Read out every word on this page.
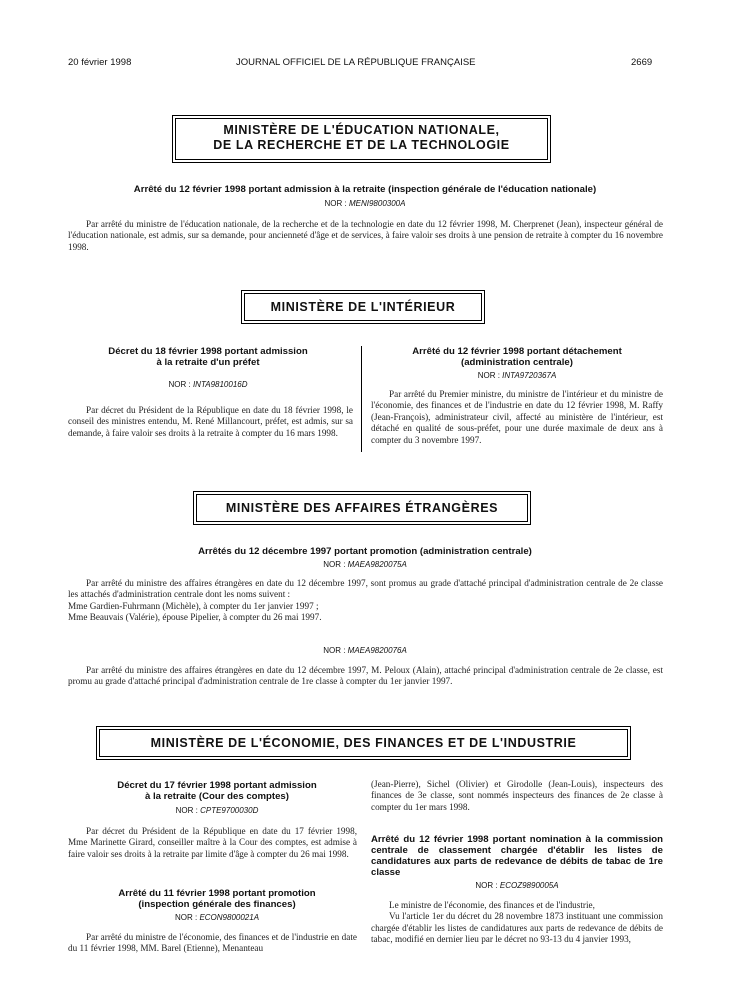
20 février 1998	JOURNAL OFFICIEL DE LA RÉPUBLIQUE FRANÇAISE	2669
MINISTÈRE DE L'ÉDUCATION NATIONALE,
DE LA RECHERCHE ET DE LA TECHNOLOGIE
Arrêté du 12 février 1998 portant admission à la retraite (inspection générale de l'éducation nationale)
NOR : MENI9800300A

Par arrêté du ministre de l'éducation nationale, de la recherche et de la technologie en date du 12 février 1998, M. Cherprenet (Jean), inspecteur général de l'éducation nationale, est admis, sur sa demande, pour ancienneté d'âge et de services, à faire valoir ses droits à une pension de retraite à compter du 16 novembre 1998.

MINISTÈRE DE L'INTÉRIEUR
Décret du 18 février 1998 portant admission
à la retraite d'un préfet
NOR : INTA9810016D

Par décret du Président de la République en date du 18 février 1998, le conseil des ministres entendu, M. René Millancourt, préfet, est admis, sur sa demande, à faire valoir ses droits à la retraite à compter du 16 mars 1998.

Arrêté du 12 février 1998 portant détachement
(administration centrale)
NOR : INTA9720367A

Par arrêté du Premier ministre, du ministre de l'intérieur et du ministre de l'économie, des finances et de l'industrie en date du 12 février 1998, M. Raffy (Jean-François), administrateur civil, affecté au ministère de l'intérieur, est détaché en qualité de sous-préfet, pour une durée maximale de deux ans à compter du 3 novembre 1997.

MINISTÈRE DES AFFAIRES ÉTRANGÈRES
Arrêtés du 12 décembre 1997 portant promotion (administration centrale)
NOR : MAEA9820075A

Par arrêté du ministre des affaires étrangères en date du 12 décembre 1997, sont promus au grade d'attaché principal d'administration centrale de 2e classe les attachés d'administration centrale dont les noms suivent :

Mme Gardien-Fuhrmann (Michèle), à compter du 1er janvier 1997 ;

Mme Beauvais (Valérie), épouse Pipelier, à compter du 26 mai 1997.

NOR : MAEA9820076A

Par arrêté du ministre des affaires étrangères en date du 12 décembre 1997, M. Peloux (Alain), attaché principal d'administration centrale de 2e classe, est promu au grade d'attaché principal d'administration centrale de 1re classe à compter du 1er janvier 1997.

MINISTÈRE DE L'ÉCONOMIE, DES FINANCES ET DE L'INDUSTRIE
Décret du 17 février 1998 portant admission
à la retraite (Cour des comptes)
NOR : CPTE9700030D

Par décret du Président de la République en date du 17 février 1998, Mme Marinette Girard, conseiller maître à la Cour des comptes, est admise à faire valoir ses droits à la retraite par limite d'âge à compter du 26 mai 1998.

Arrêté du 11 février 1998 portant promotion
(inspection générale des finances)
NOR : ECON9800021A

Par arrêté du ministre de l'économie, des finances et de l'industrie en date du 11 février 1998, MM. Barel (Etienne), Menanteau

(Jean-Pierre), Sichel (Olivier) et Girodolle (Jean-Louis), inspecteurs des finances de 3e classe, sont nommés inspecteurs des finances de 2e classe à compter du 1er mars 1998.

Arrêté du 12 février 1998 portant nomination à la commission centrale de classement chargée d'établir les listes de candidatures aux parts de redevance de débits de tabac de 1re classe
NOR : ECOZ9890005A

Le ministre de l'économie, des finances et de l'industrie,

Vu l'article 1er du décret du 28 novembre 1873 instituant une commission chargée d'établir les listes de candidatures aux parts de redevance de débits de tabac, modifié en dernier lieu par le décret no 93-13 du 4 janvier 1993,
